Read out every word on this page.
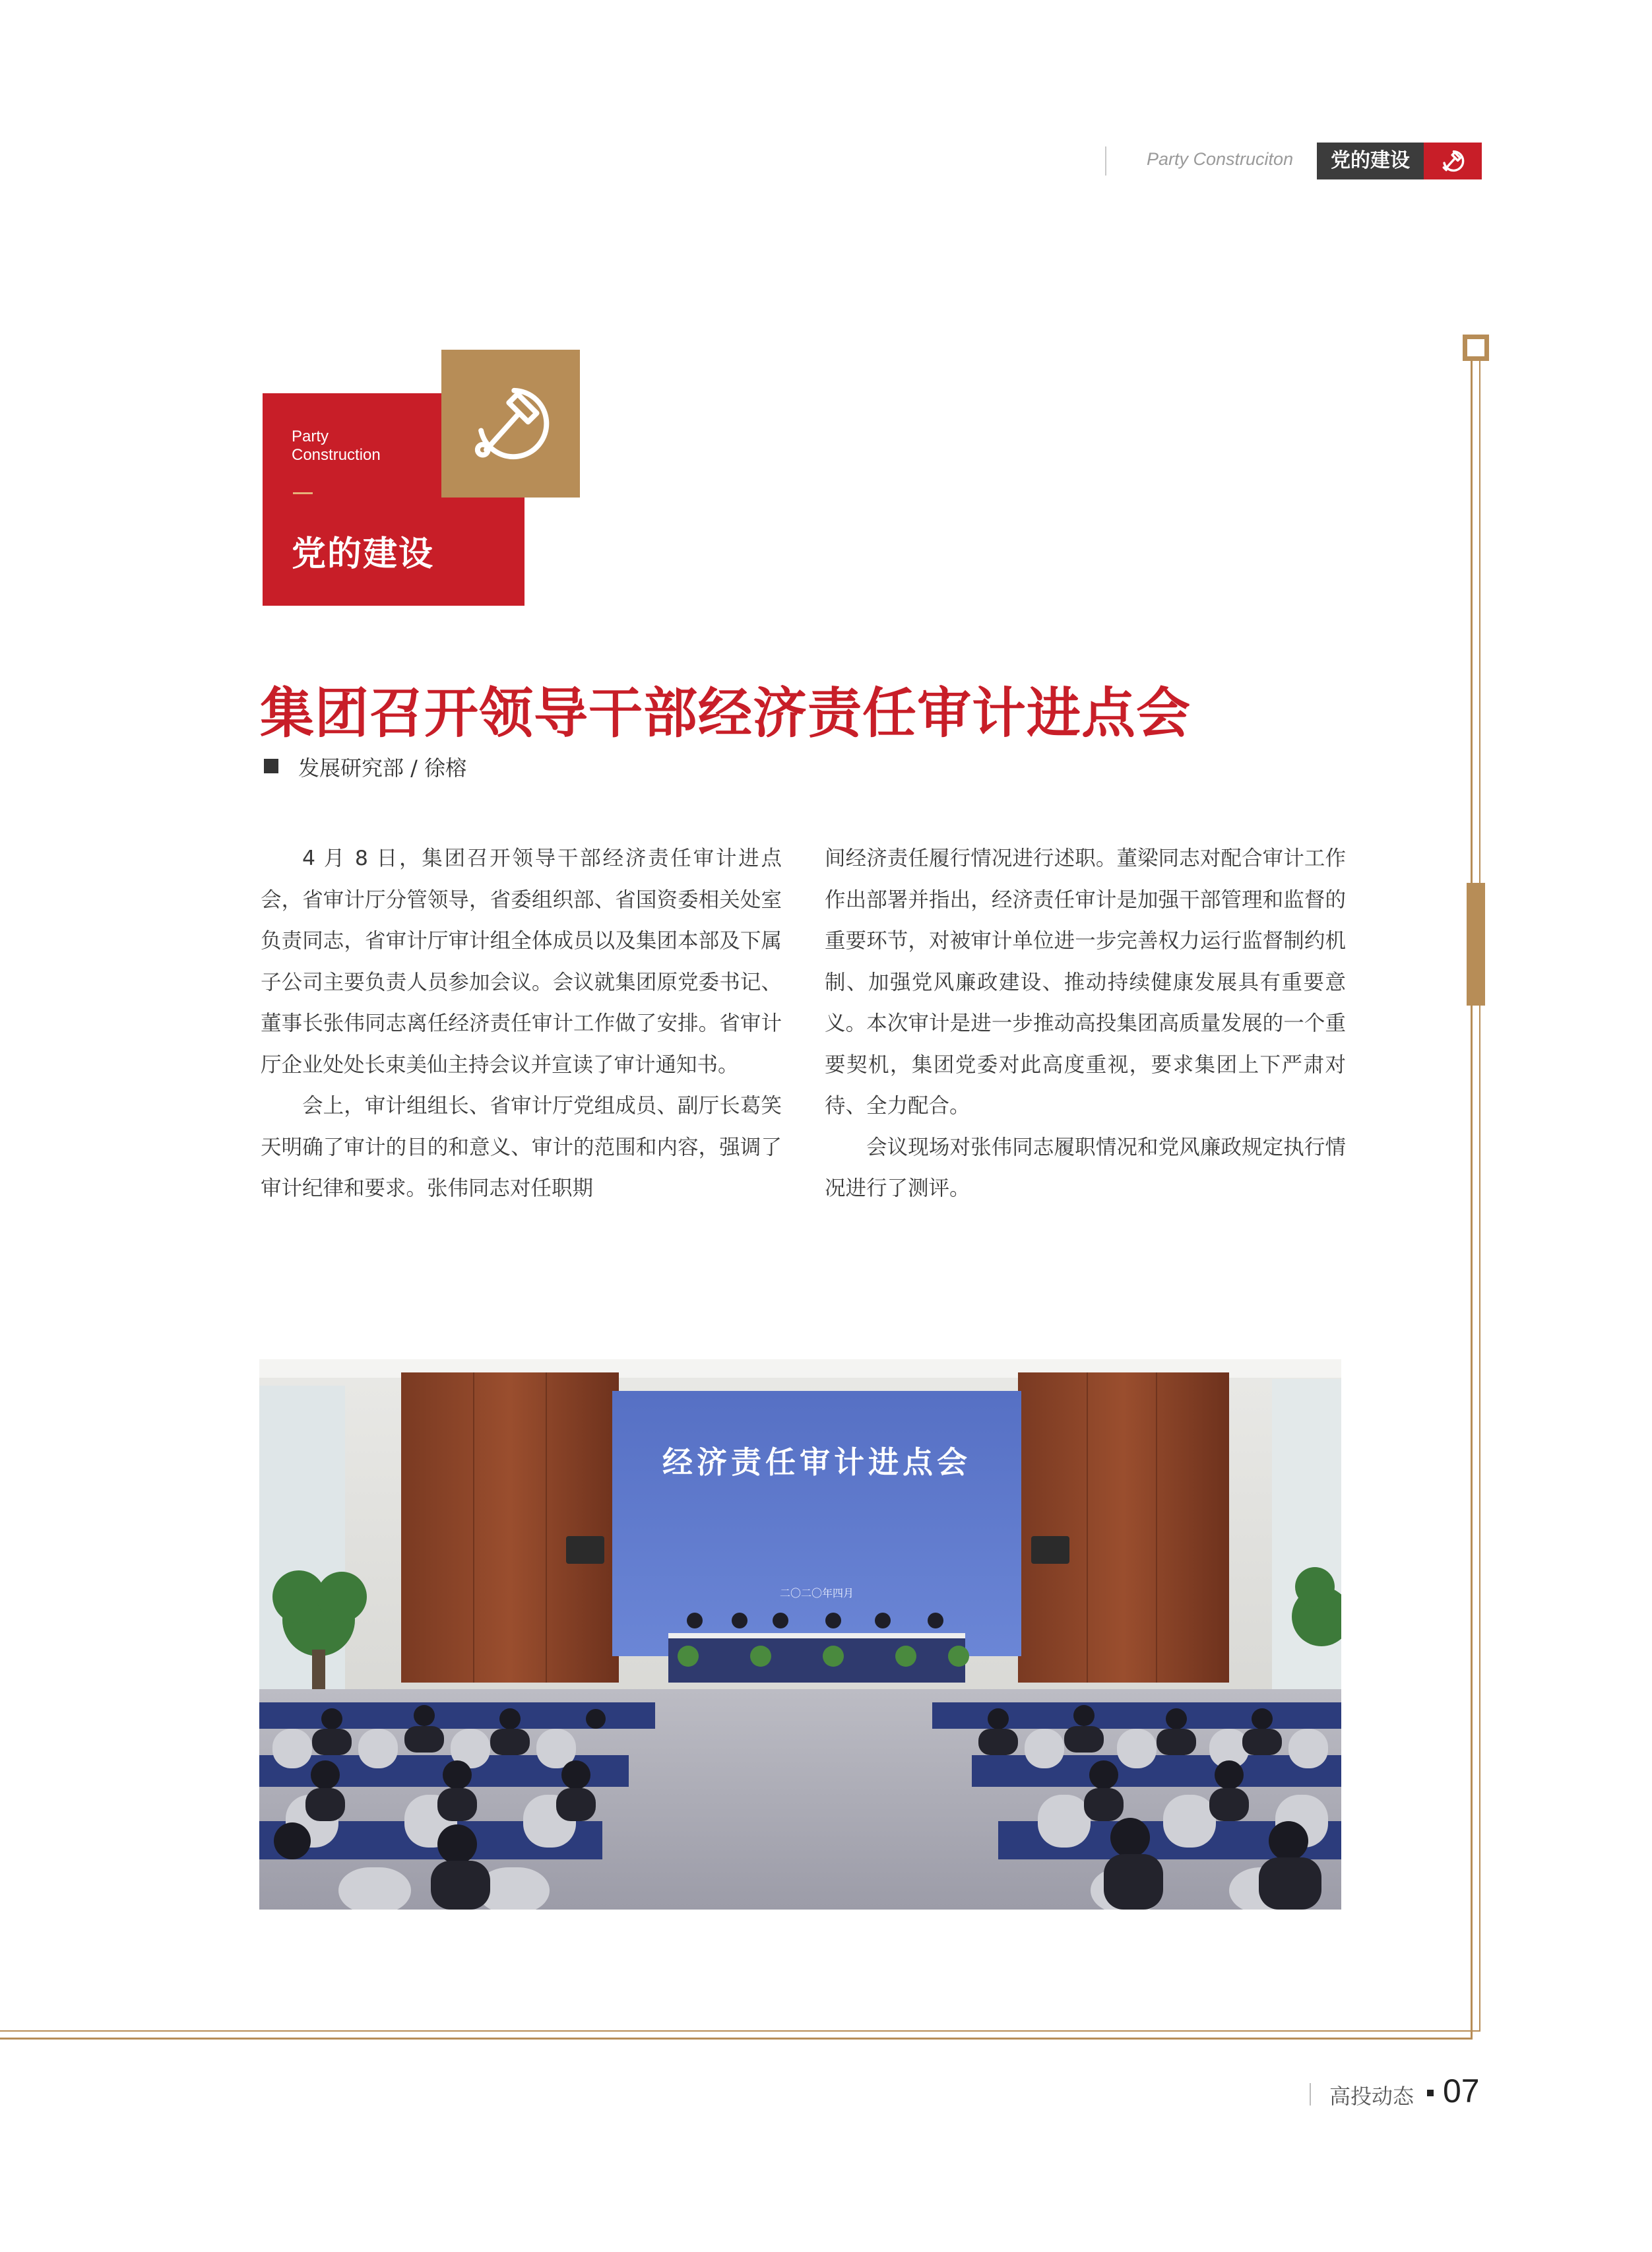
Party Construciton	党的建设
Party
Construction
党的建设
集团召开领导干部经济责任审计进点会
发展研究部 / 徐榕

4 月 8 日，集团召开领导干部经济责任审计进点会，省审计厅分管领导，省委组织部、省国资委相关处室负责同志，省审计厅审计组全体成员以及集团本部及下属子公司主要负责人员参加会议。会议就集团原党委书记、董事长张伟同志离任经济责任审计工作做了安排。省审计厅企业处处长束美仙主持会议并宣读了审计通知书。

会上，审计组组长、省审计厅党组成员、副厅长葛笑天明确了审计的目的和意义、审计的范围和内容，强调了审计纪律和要求。张伟同志对任职期

间经济责任履行情况进行述职。董梁同志对配合审计工作作出部署并指出，经济责任审计是加强干部管理和监督的重要环节，对被审计单位进一步完善权力运行监督制约机制、加强党风廉政建设、推动持续健康发展具有重要意义。本次审计是进一步推动高投集团高质量发展的一个重要契机，集团党委对此高度重视，要求集团上下严肃对待、全力配合。

会议现场对张伟同志履职情况和党风廉政规定执行情况进行了测评。

经济责任审计进点会
二〇二〇年四月
高投动态 07
